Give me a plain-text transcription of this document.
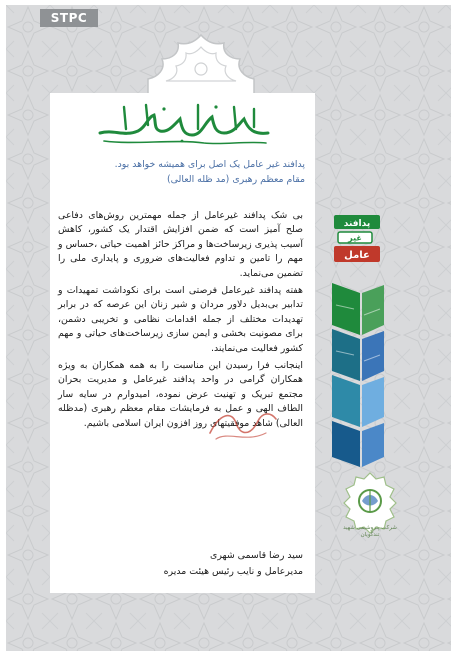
STPC
پدافند غیر عامل یک اصل برای همیشه خواهد بود.
مقام معظم رهبری (مد ظله العالی)

بی شک پدافند غیرعامل از جمله مهمترین روش‌های دفاعی صلح آمیز است که ضمن افزایش اقتدار یک کشور، کاهش آسیب پذیری زیرساخت‌ها و مراکز حائز اهمیت حیاتی ،حساس و مهم را تامین و تداوم فعالیت‌های ضروری و پایداری ملی را تضمین می‌نماید.

هفته پدافند غیرعامل فرصتی است برای نکوداشت تمهیدات و تدابیر بی‌بدیل دلاور مردان و شیر زنان این عرصه که در برابر تهدیدات مختلف از جمله اقدامات نظامی و تخریبی دشمن، برای مصونیت بخشی و ایمن سازی زیرساخت‌های حیاتی و مهم کشور فعالیت می‌نمایند.

اینجانب فرا رسیدن این مناسبت را به همه همکاران به ویژه همکاران گرامی در واحد پدافند غیرعامل و مدیریت بحران مجتمع تبریک و تهنیت عرض نموده، امیدوارم در سایه سار الطاف الهی و عمل به فرمایشات مقام معظم رهبری (مدظله العالی) شاهد موفقیتهای روز افزون ایران اسلامی باشیم.

سید رضا قاسمی شهری
مدیرعامل و نایب رئیس هیئت مدیره
پدافند
غیر
عامل
شرکت پتروشیمی شهید تندگویان
